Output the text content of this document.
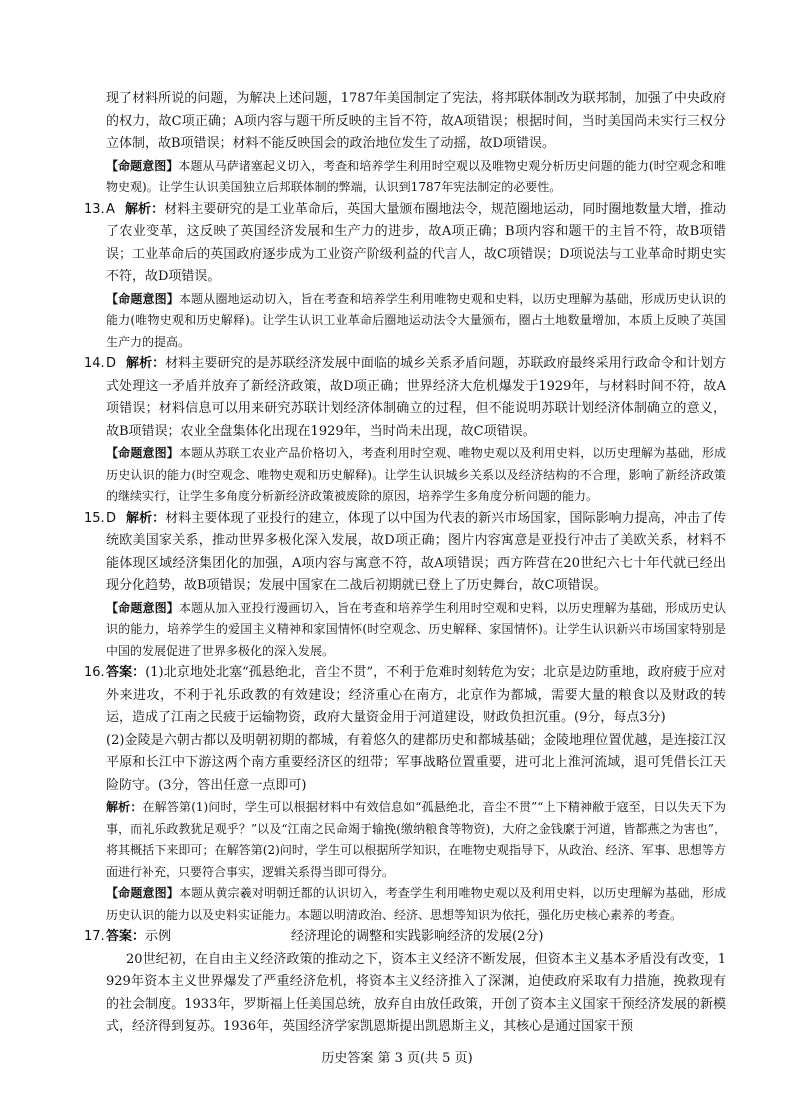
现了材料所说的问题，为解决上述问题，1787年美国制定了宪法，将邦联体制改为联邦制，加强了中央政府的权力，故C项正确；A项内容与题干所反映的主旨不符，故A项错误；根据时间，当时美国尚未实行三权分立体制，故B项错误；材料不能反映国会的政治地位发生了动摇，故D项错误。

【命题意图】本题从马萨诸塞起义切入，考查和培养学生利用时空观以及唯物史观分析历史问题的能力(时空观念和唯物史观)。让学生认识美国独立后邦联体制的弊端，认识到1787年宪法制定的必要性。

13. A 解析：材料主要研究的是工业革命后，英国大量颁布圈地法令，规范圈地运动，同时圈地数量大增，推动了农业变革，这反映了英国经济发展和生产力的进步，故A项正确；B项内容和题干的主旨不符，故B项错误；工业革命后的英国政府逐步成为工业资产阶级利益的代言人，故C项错误；D项说法与工业革命时期史实不符，故D项错误。

【命题意图】本题从圈地运动切入，旨在考查和培养学生利用唯物史观和史料，以历史理解为基础，形成历史认识的能力(唯物史观和历史解释)。让学生认识工业革命后圈地运动法令大量颁布，圈占土地数量增加，本质上反映了英国生产力的提高。

14. D 解析：材料主要研究的是苏联经济发展中面临的城乡关系矛盾问题，苏联政府最终采用行政命令和计划方式处理这一矛盾并放弃了新经济政策，故D项正确；世界经济大危机爆发于1929年，与材料时间不符，故A项错误；材料信息可以用来研究苏联计划经济体制确立的过程，但不能说明苏联计划经济体制确立的意义，故B项错误；农业全盘集体化出现在1929年，当时尚未出现，故C项错误。

【命题意图】本题从苏联工农业产品价格切入，考查利用时空观、唯物史观以及利用史料，以历史理解为基础，形成历史认识的能力(时空观念、唯物史观和历史解释)。让学生认识城乡关系以及经济结构的不合理，影响了新经济政策的继续实行，让学生多角度分析新经济政策被废除的原因，培养学生多角度分析问题的能力。

15. D 解析：材料主要体现了亚投行的建立，体现了以中国为代表的新兴市场国家，国际影响力提高，冲击了传统欧美国家关系，推动世界多极化深入发展，故D项正确；图片内容寓意是亚投行冲击了美欧关系，材料不能体现区域经济集团化的加强，A项内容与寓意不符，故A项错误；西方阵营在20世纪六七十年代就已经出现分化趋势，故B项错误；发展中国家在二战后初期就已登上了历史舞台，故C项错误。

【命题意图】本题从加入亚投行漫画切入，旨在考查和培养学生利用时空观和史料，以历史理解为基础，形成历史认识的能力，培养学生的爱国主义精神和家国情怀(时空观念、历史解释、家国情怀)。让学生认识新兴市场国家特别是中国的发展促进了世界多极化的深入发展。

16. 答案：(1)北京地处北塞“孤悬绝北，音尘不贯”，不利于危难时刻转危为安；北京是边防重地，政府疲于应对外来进攻，不利于礼乐政教的有效建设；经济重心在南方，北京作为都城，需要大量的粮食以及财政的转运，造成了江南之民疲于运输物资，政府大量资金用于河道建设，财政负担沉重。(9分，每点3分)

(2)金陵是六朝古都以及明朝初期的都城，有着悠久的建都历史和都城基础；金陵地理位置优越，是连接江汉平原和长江中下游这两个南方重要经济区的纽带；军事战略位置重要，进可北上淮河流域，退可凭借长江天险防守。(3分，答出任意一点即可)

解析：在解答第(1)问时，学生可以根据材料中有效信息如“孤悬绝北，音尘不贯”“上下精神敝于寇至，日以失天下为事，而礼乐政教犹足观乎？”以及“江南之民命竭于输挽(缴纳粮食等物资)，大府之金钱縻于河道，皆都燕之为害也”，将其概括下来即可；在解答第(2)问时，学生可以根据所学知识，在唯物史观指导下，从政治、经济、军事、思想等方面进行补充，只要符合事实，逻辑关系得当即可得分。

【命题意图】本题从黄宗羲对明朝迁都的认识切入，考查学生利用唯物史观以及利用史料，以历史理解为基础，形成历史认识的能力以及史料实证能力。本题以明清政治、经济、思想等知识为依托，强化历史核心素养的考查。

17. 答案：示例	经济理论的调整和实践影响经济的发展(2分)

20世纪初，在自由主义经济政策的推动之下，资本主义经济不断发展，但资本主义基本矛盾没有改变，1929年资本主义世界爆发了严重经济危机，将资本主义经济推入了深渊，迫使政府采取有力措施，挽救现有的社会制度。1933年，罗斯福上任美国总统，放弃自由放任政策，开创了资本主义国家干预经济发展的新模式，经济得到复苏。1936年，英国经济学家凯恩斯提出凯恩斯主义，其核心是通过国家干预

历史答案 第 3 页(共 5 页)
